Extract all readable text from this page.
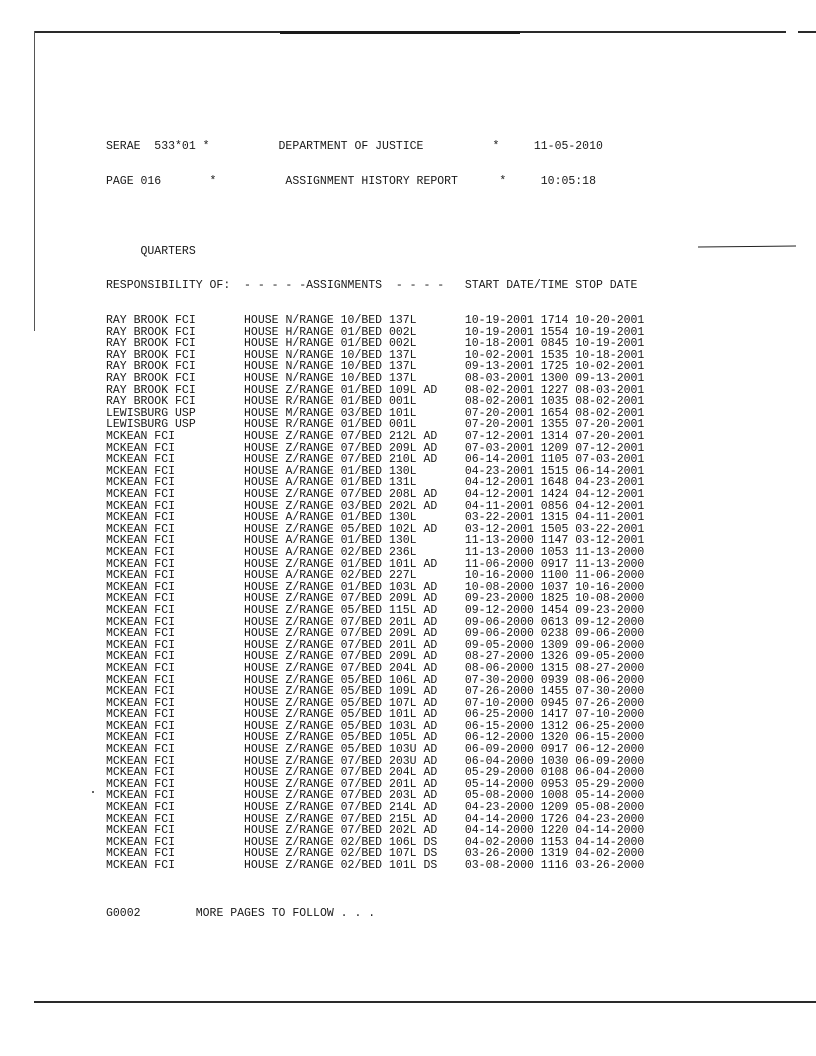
SERAE  533*01 *          DEPARTMENT OF JUSTICE          *     11-05-2010

PAGE 016       *          ASSIGNMENT HISTORY REPORT      *     10:05:18

QUARTERS

RESPONSIBILITY OF:  - - - - -ASSIGNMENTS  - - - -   START DATE/TIME STOP DATE

RAY BROOK FCI       HOUSE N/RANGE 10/BED 137L       10-19-2001 1714 10-20-2001
RAY BROOK FCI       HOUSE H/RANGE 01/BED 002L       10-19-2001 1554 10-19-2001
RAY BROOK FCI       HOUSE H/RANGE 01/BED 002L       10-18-2001 0845 10-19-2001
RAY BROOK FCI       HOUSE N/RANGE 10/BED 137L       10-02-2001 1535 10-18-2001
RAY BROOK FCI       HOUSE N/RANGE 10/BED 137L       09-13-2001 1725 10-02-2001
RAY BROOK FCI       HOUSE N/RANGE 10/BED 137L       08-03-2001 1300 09-13-2001
RAY BROOK FCI       HOUSE Z/RANGE 01/BED 109L AD    08-02-2001 1227 08-03-2001
RAY BROOK FCI       HOUSE R/RANGE 01/BED 001L       08-02-2001 1035 08-02-2001
LEWISBURG USP       HOUSE M/RANGE 03/BED 101L       07-20-2001 1654 08-02-2001
LEWISBURG USP       HOUSE R/RANGE 01/BED 001L       07-20-2001 1355 07-20-2001
MCKEAN FCI          HOUSE Z/RANGE 07/BED 212L AD    07-12-2001 1314 07-20-2001
MCKEAN FCI          HOUSE Z/RANGE 07/BED 209L AD    07-03-2001 1209 07-12-2001
MCKEAN FCI          HOUSE Z/RANGE 07/BED 210L AD    06-14-2001 1105 07-03-2001
MCKEAN FCI          HOUSE A/RANGE 01/BED 130L       04-23-2001 1515 06-14-2001
MCKEAN FCI          HOUSE A/RANGE 01/BED 131L       04-12-2001 1648 04-23-2001
MCKEAN FCI          HOUSE Z/RANGE 07/BED 208L AD    04-12-2001 1424 04-12-2001
MCKEAN FCI          HOUSE Z/RANGE 03/BED 202L AD    04-11-2001 0856 04-12-2001
MCKEAN FCI          HOUSE A/RANGE 01/BED 130L       03-22-2001 1315 04-11-2001
MCKEAN FCI          HOUSE Z/RANGE 05/BED 102L AD    03-12-2001 1505 03-22-2001
MCKEAN FCI          HOUSE A/RANGE 01/BED 130L       11-13-2000 1147 03-12-2001
MCKEAN FCI          HOUSE A/RANGE 02/BED 236L       11-13-2000 1053 11-13-2000
MCKEAN FCI          HOUSE Z/RANGE 01/BED 101L AD    11-06-2000 0917 11-13-2000
MCKEAN FCI          HOUSE A/RANGE 02/BED 227L       10-16-2000 1100 11-06-2000
MCKEAN FCI          HOUSE Z/RANGE 01/BED 103L AD    10-08-2000 1037 10-16-2000
MCKEAN FCI          HOUSE Z/RANGE 07/BED 209L AD    09-23-2000 1825 10-08-2000
MCKEAN FCI          HOUSE Z/RANGE 05/BED 115L AD    09-12-2000 1454 09-23-2000
MCKEAN FCI          HOUSE Z/RANGE 07/BED 201L AD    09-06-2000 0613 09-12-2000
MCKEAN FCI          HOUSE Z/RANGE 07/BED 209L AD    09-06-2000 0238 09-06-2000
MCKEAN FCI          HOUSE Z/RANGE 07/BED 201L AD    09-05-2000 1309 09-06-2000
MCKEAN FCI          HOUSE Z/RANGE 07/BED 209L AD    08-27-2000 1326 09-05-2000
MCKEAN FCI          HOUSE Z/RANGE 07/BED 204L AD    08-06-2000 1315 08-27-2000
MCKEAN FCI          HOUSE Z/RANGE 05/BED 106L AD    07-30-2000 0939 08-06-2000
MCKEAN FCI          HOUSE Z/RANGE 05/BED 109L AD    07-26-2000 1455 07-30-2000
MCKEAN FCI          HOUSE Z/RANGE 05/BED 107L AD    07-10-2000 0945 07-26-2000
MCKEAN FCI          HOUSE Z/RANGE 05/BED 101L AD    06-25-2000 1417 07-10-2000
MCKEAN FCI          HOUSE Z/RANGE 05/BED 103L AD    06-15-2000 1312 06-25-2000
MCKEAN FCI          HOUSE Z/RANGE 05/BED 105L AD    06-12-2000 1320 06-15-2000
MCKEAN FCI          HOUSE Z/RANGE 05/BED 103U AD    06-09-2000 0917 06-12-2000
MCKEAN FCI          HOUSE Z/RANGE 07/BED 203U AD    06-04-2000 1030 06-09-2000
MCKEAN FCI          HOUSE Z/RANGE 07/BED 204L AD    05-29-2000 0108 06-04-2000
MCKEAN FCI          HOUSE Z/RANGE 07/BED 201L AD    05-14-2000 0953 05-29-2000
MCKEAN FCI          HOUSE Z/RANGE 07/BED 203L AD    05-08-2000 1008 05-14-2000
MCKEAN FCI          HOUSE Z/RANGE 07/BED 214L AD    04-23-2000 1209 05-08-2000
MCKEAN FCI          HOUSE Z/RANGE 07/BED 215L AD    04-14-2000 1726 04-23-2000
MCKEAN FCI          HOUSE Z/RANGE 07/BED 202L AD    04-14-2000 1220 04-14-2000
MCKEAN FCI          HOUSE Z/RANGE 02/BED 106L DS    04-02-2000 1153 04-14-2000
MCKEAN FCI          HOUSE Z/RANGE 02/BED 107L DS    03-26-2000 1319 04-02-2000
MCKEAN FCI          HOUSE Z/RANGE 02/BED 101L DS    03-08-2000 1116 03-26-2000

G0002	MORE PAGES TO FOLLOW . . .
